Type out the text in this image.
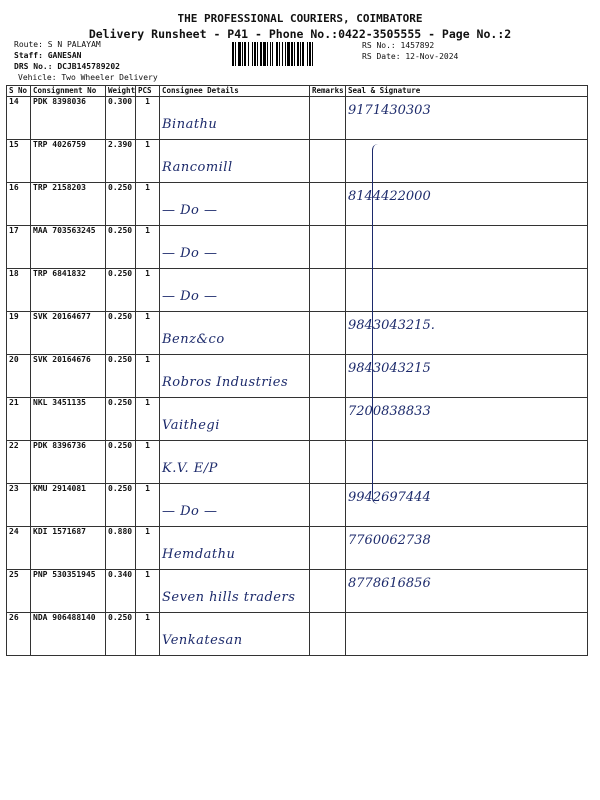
THE PROFESSIONAL COURIERS, COIMBATORE
Delivery Runsheet - P41 - Phone No.:0422-3505555 - Page No.:2
Route: S N PALAYAM
Staff: GANESAN
DRS No.: DCJB145789202
Vehicle: Two Wheeler Delivery
RS No.: 1457892
RS Date: 12-Nov-2024
S No	Consignment No	Weight	PCS	Consignee Details	Remarks	Seal & Signature
14	PDK 8398036	0.300	1	Binathu		9171430303

15	TRP 4026759	2.390	1	Rancomill		

16	TRP 2158203	0.250	1	— Do —		8144422000

17	MAA 703563245	0.250	1	— Do —		

18	TRP 6841832	0.250	1	— Do —		

19	SVK 20164677	0.250	1	Benz&co		9843043215.

20	SVK 20164676	0.250	1	Robros Industries		9843043215

21	NKL 3451135	0.250	1	Vaithegi		7200838833

22	PDK 8396736	0.250	1	K.V. E/P		

23	KMU 2914081	0.250	1	— Do —		9942697444

24	KDI 1571687	0.880	1	Hemdathu		7760062738

25	PNP 530351945	0.340	1	Seven hills traders		8778616856

26	NDA 906488140	0.250	1	Venkatesan		
